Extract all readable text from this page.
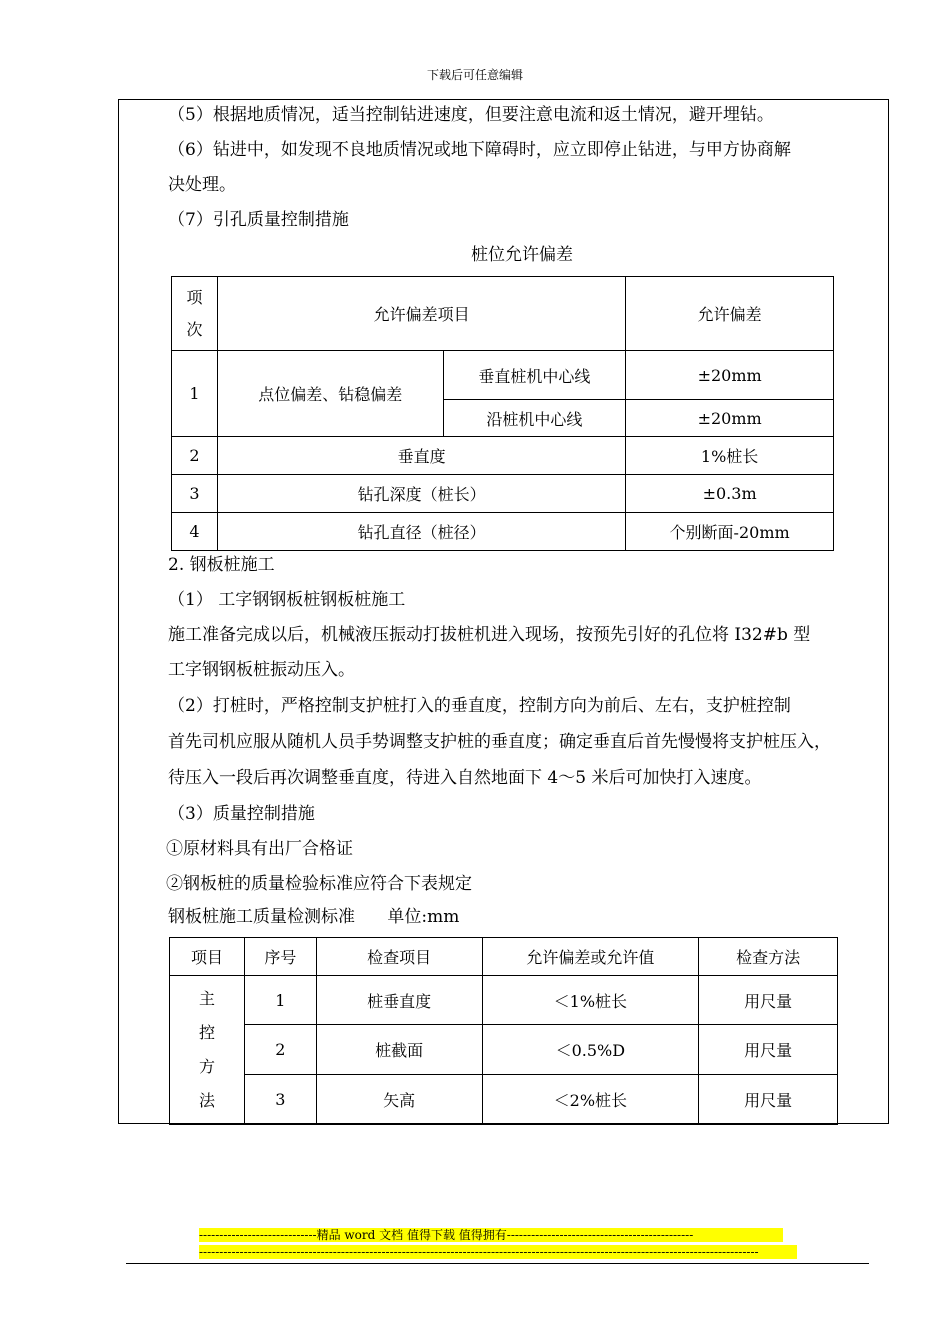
下载后可任意编辑
（5）根据地质情况，适当控制钻进速度，但要注意电流和返土情况，避开埋钻。
（6）钻进中，如发现不良地质情况或地下障碍时，应立即停止钻进，与甲方协商解
决处理。
（7）引孔质量控制措施
桩位允许偏差
项
次	允许偏差项目		允许偏差
1	点位偏差、钻稳偏差	垂直桩机中心线	±20mm
		沿桩机中心线	±20mm
2	垂直度		1%桩长
3	钻孔深度（桩长）		±0.3m
4	钻孔直径（桩径）		个别断面-20mm
2. 钢板桩施工
（1） 工字钢钢板桩钢板桩施工
施工准备完成以后，机械液压振动打拔桩机进入现场，按预先引好的孔位将 I32#b 型
工字钢钢板桩振动压入。
（2）打桩时，严格控制支护桩打入的垂直度，控制方向为前后、左右，支护桩控制
首先司机应服从随机人员手势调整支护桩的垂直度；确定垂直后首先慢慢将支护桩压入，
待压入一段后再次调整垂直度，待进入自然地面下 4～5 米后可加快打入速度。
（3）质量控制措施
①原材料具有出厂合格证
②钢板桩的质量检验标准应符合下表规定
钢板桩施工质量检测标准      单位:mm
项目	序号	检查项目	允许偏差或允许值	检查方法
主
控
方
法	1	桩垂直度	＜1%桩长	用尺量
	2	桩截面	＜0.5%D	用尺量
	3	矢高	＜2%桩长	用尺量
-----------------------------精品 word 文档 值得下载 值得拥有----------------------------------------------
------------------------------------------------------------------------------------------------------------------------------------------
